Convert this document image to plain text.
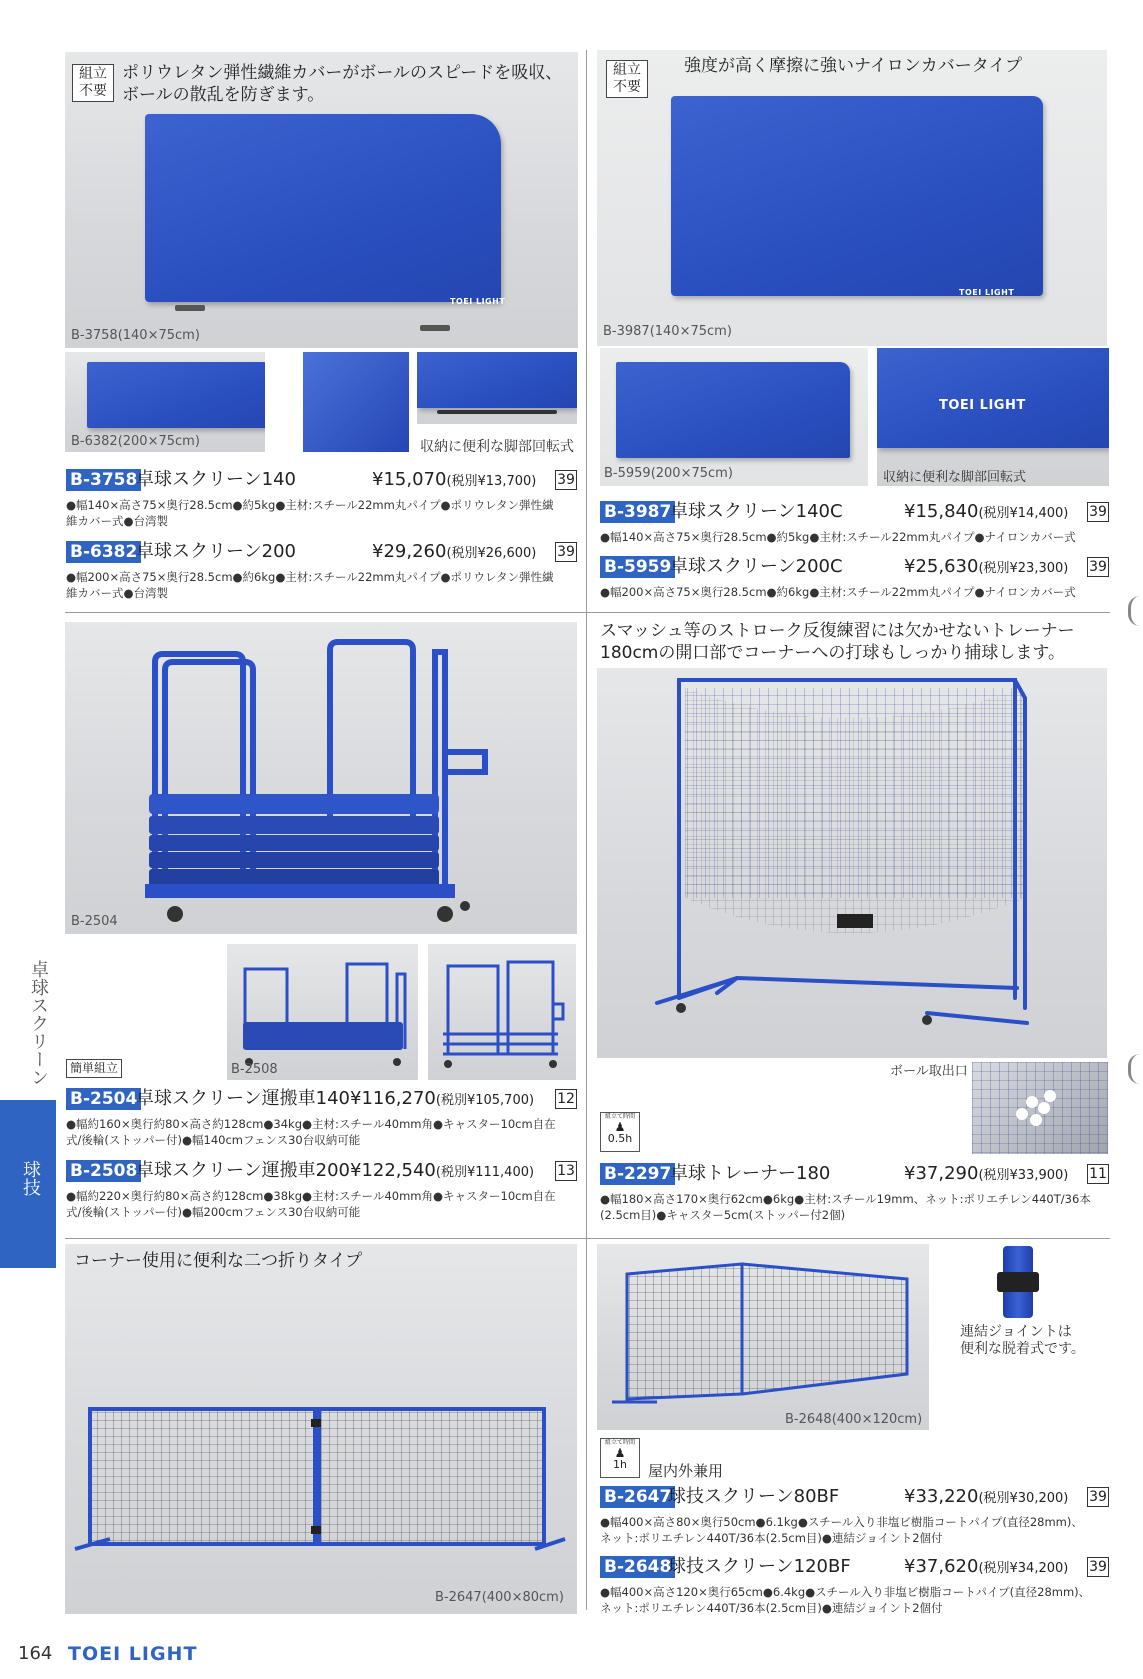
TOEI LIGHT
B-3758(140×75cm)
組立
不要
ポリウレタン弾性繊維カバーがボールのスピードを吸収、
ボールの散乱を防ぎます。
B-6382(200×75cm)	収納に便利な脚部回転式
B-3758
卓球スクリーン140	¥15,070(税別¥13,700) 39
●幅140×高さ75×奥行28.5cm●約5kg●主材:スチール22mm丸パイプ●ポリウレタン弾性繊
維カバー式●台湾製
B-6382
卓球スクリーン200	¥29,260(税別¥26,600) 39
●幅200×高さ75×奥行28.5cm●約6kg●主材:スチール22mm丸パイプ●ポリウレタン弾性繊
維カバー式●台湾製
TOEI LIGHT
B-3987(140×75cm)
組立
不要
強度が高く摩擦に強いナイロンカバータイプ
B-5959(200×75cm)
TOEI LIGHT
収納に便利な脚部回転式
B-3987
卓球スクリーン140C	¥15,840(税別¥14,400) 39
●幅140×高さ75×奥行28.5cm●約5kg●主材:スチール22mm丸パイプ●ナイロンカバー式
B-5959
卓球スクリーン200C	¥25,630(税別¥23,300) 39
●幅200×高さ75×奥行28.5cm●約6kg●主材:スチール22mm丸パイプ●ナイロンカバー式
B-2504
B-2508
簡単組立
B-2504
卓球スクリーン運搬車140 ¥116,270(税別¥105,700) 12
●幅約160×奥行約80×高さ約128cm●34kg●主材:スチール40mm角●キャスター10cm自在
式/後輪(ストッパー付)●幅140cmフェンス30台収納可能
B-2508
卓球スクリーン運搬車200 ¥122,540(税別¥111,400) 13
●幅約220×奥行約80×高さ約128cm●38kg●主材:スチール40mm角●キャスター10cm自在
式/後輪(ストッパー付)●幅200cmフェンス30台収納可能
スマッシュ等のストローク反復練習には欠かせないトレーナー
180cmの開口部でコーナーへの打球もしっかり捕球します。
ボール取出口
組立て時間
♟
0.5h
B-2297
卓球トレーナー180	¥37,290(税別¥33,900) 11
●幅180×高さ170×奥行62cm●6kg●主材:スチール19mm、ネット:ポリエチレン440T/36本
(2.5cm目)●キャスター5cm(ストッパー付2個)
B-2647(400×80cm)
コーナー使用に便利な二つ折りタイプ
B-2648(400×120cm)
連結ジョイントは
便利な脱着式です。
組立て時間
♟
1h	屋内外兼用
B-2647
球技スクリーン80BF	¥33,220(税別¥30,200) 39
●幅400×高さ80×奥行50cm●6.1kg●スチール入り非塩ビ樹脂コートパイプ(直径28mm)、
ネット:ポリエチレン440T/36本(2.5cm目)●連結ジョイント2個付
B-2648
球技スクリーン120BF	¥37,620(税別¥34,200) 39
●幅400×高さ120×奥行65cm●6.4kg●スチール入り非塩ビ樹脂コートパイプ(直径28mm)、
ネット:ポリエチレン440T/36本(2.5cm目)●連結ジョイント2個付
卓球スクリーン
球技
164 TOEI LIGHT
